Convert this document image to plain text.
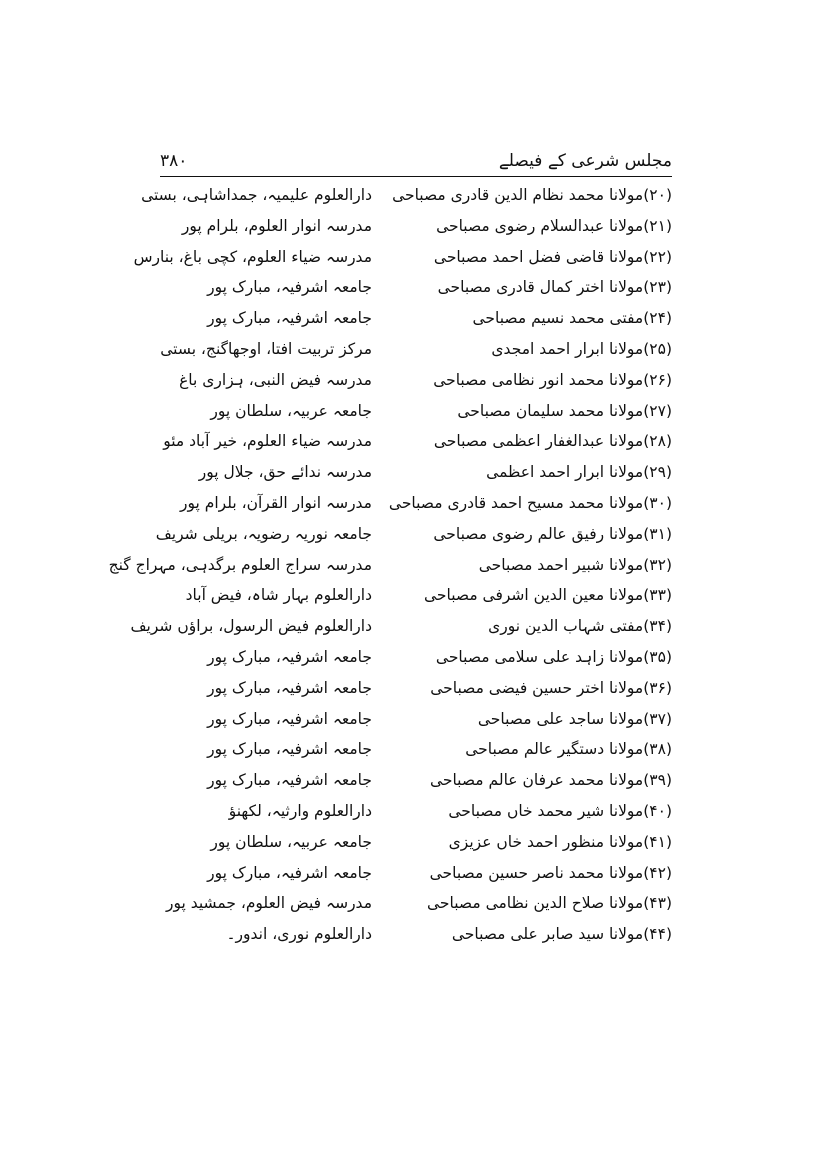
مجلس شرعی کے فیصلے
۳۸۰
(۲۰)مولانا محمد نظام الدین قادری مصباحی
دارالعلوم علیمیہ، جمداشاہی، بستی
(۲۱)مولانا عبدالسلام رضوی مصباحی
مدرسہ انوار العلوم، بلرام پور
(۲۲)مولانا قاضی فضل احمد مصباحی
مدرسہ ضیاء العلوم، کچی باغ، بنارس
(۲۳)مولانا اختر کمال قادری مصباحی
جامعہ اشرفیہ، مبارک پور
(۲۴)مفتی محمد نسیم مصباحی
جامعہ اشرفیہ، مبارک پور
(۲۵)مولانا ابرار احمد امجدی
مرکز تربیت افتا، اوجھاگنج، بستی
(۲۶)مولانا محمد انور نظامی مصباحی
مدرسہ فیض النبی، ہزاری باغ
(۲۷)مولانا محمد سلیمان مصباحی
جامعہ عربیہ، سلطان پور
(۲۸)مولانا عبدالغفار اعظمی مصباحی
مدرسہ ضیاء العلوم، خیر آباد مئو
(۲۹)مولانا ابرار احمد اعظمی
مدرسہ ندائے حق، جلال پور
(۳۰)مولانا محمد مسیح احمد قادری مصباحی
مدرسہ انوار القرآن، بلرام پور
(۳۱)مولانا رفیق عالم رضوی مصباحی
جامعہ نوریہ رضویہ، بریلی شریف
(۳۲)مولانا شبیر احمد مصباحی
مدرسہ سراج العلوم برگدہی، مہراج گنج
(۳۳)مولانا معین الدین اشرفی مصباحی
دارالعلوم بہار شاہ، فیض آباد
(۳۴)مفتی شہاب الدین نوری
دارالعلوم فیض الرسول، براؤں شریف
(۳۵)مولانا زاہد علی سلامی مصباحی
جامعہ اشرفیہ، مبارک پور
(۳۶)مولانا اختر حسین فیضی مصباحی
جامعہ اشرفیہ، مبارک پور
(۳۷)مولانا ساجد علی مصباحی
جامعہ اشرفیہ، مبارک پور
(۳۸)مولانا دستگیر عالم مصباحی
جامعہ اشرفیہ، مبارک پور
(۳۹)مولانا محمد عرفان عالم مصباحی
جامعہ اشرفیہ، مبارک پور
(۴۰)مولانا شیر محمد خاں مصباحی
دارالعلوم وارثیہ، لکھنؤ
(۴۱)مولانا منظور احمد خاں عزیزی
جامعہ عربیہ، سلطان پور
(۴۲)مولانا محمد ناصر حسین مصباحی
جامعہ اشرفیہ، مبارک پور
(۴۳)مولانا صلاح الدین نظامی مصباحی
مدرسہ فیض العلوم، جمشید پور
(۴۴)مولانا سید صابر علی مصباحی
دارالعلوم نوری، اندور۔
